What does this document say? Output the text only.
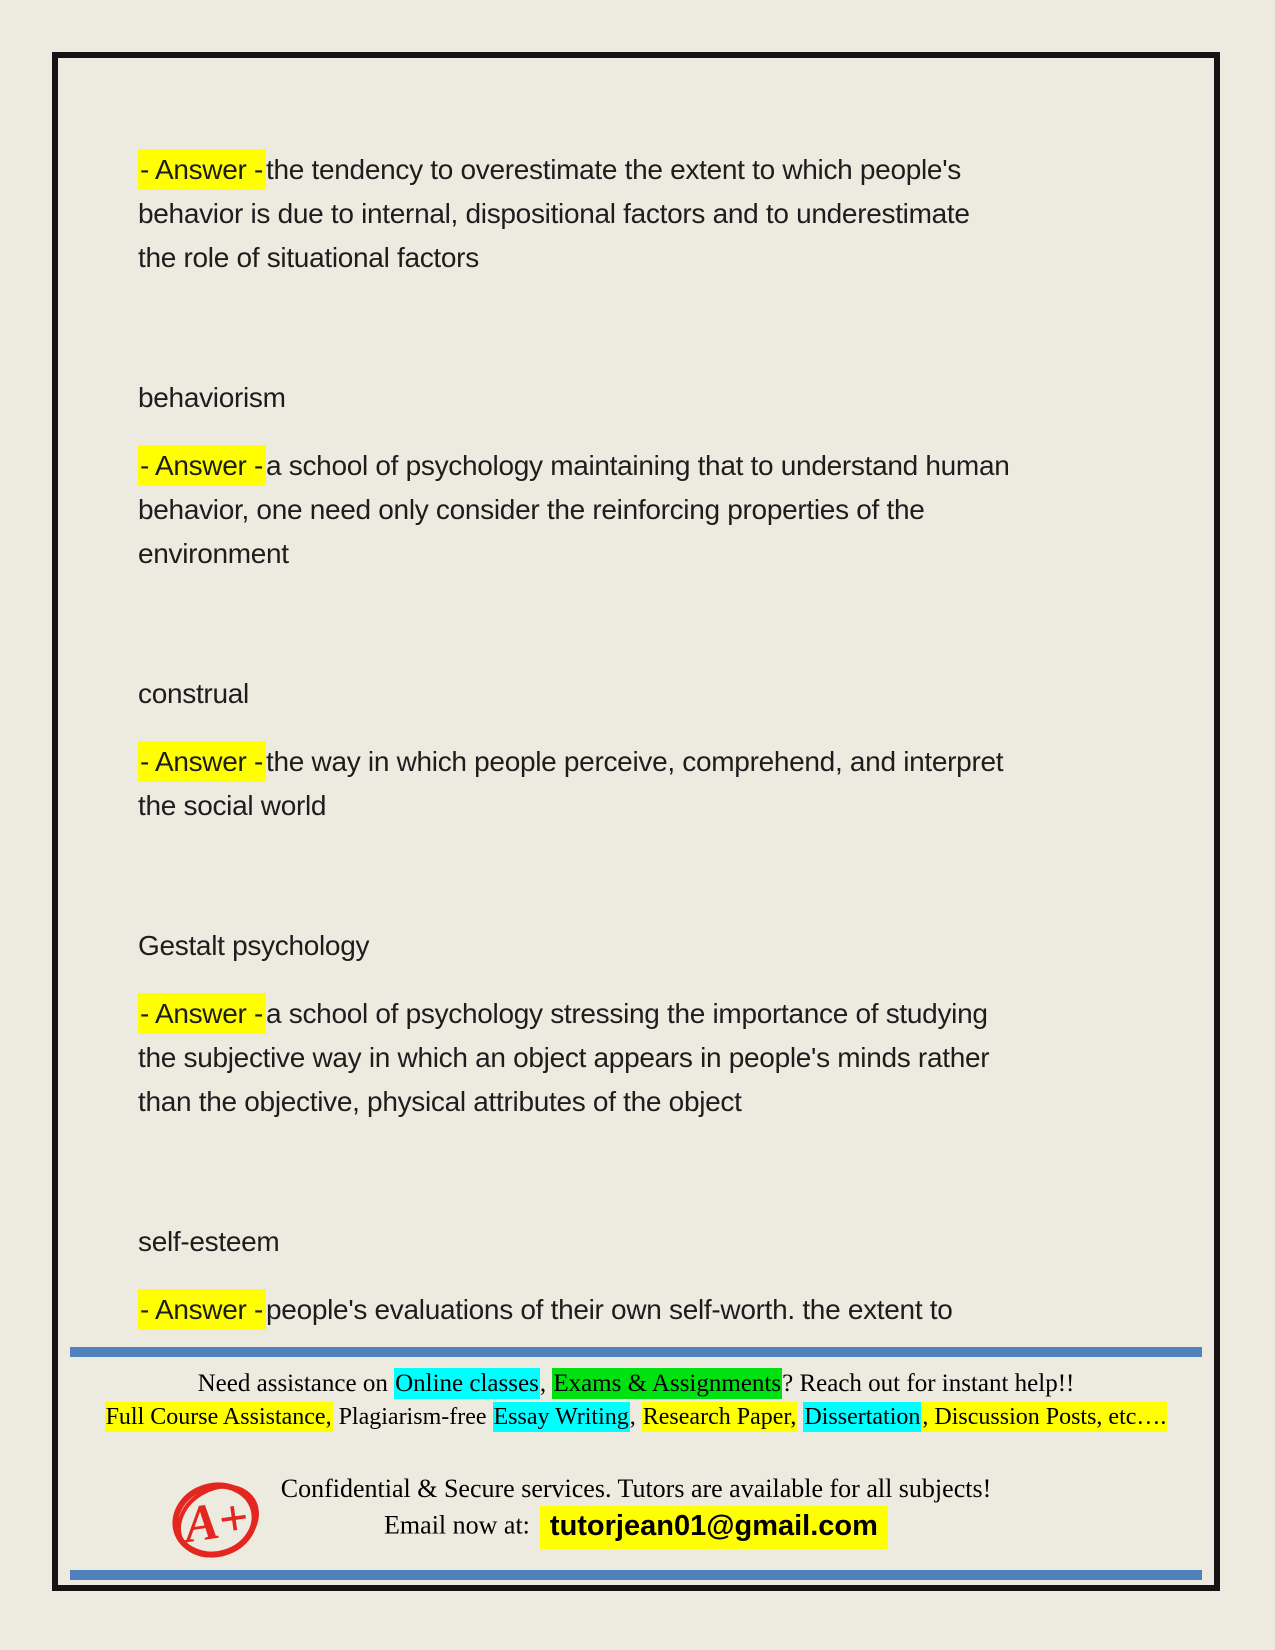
- Answer - the tendency to overestimate the extent to which people's
behavior is due to internal, dispositional factors and to underestimate
the role of situational factors
behaviorism
- Answer - a school of psychology maintaining that to understand human
behavior, one need only consider the reinforcing properties of the
environment
construal
- Answer - the way in which people perceive, comprehend, and interpret
the social world
Gestalt psychology
- Answer - a school of psychology stressing the importance of studying
the subjective way in which an object appears in people's minds rather
than the objective, physical attributes of the object
self-esteem
- Answer - people's evaluations of their own self-worth. the extent to
Need assistance on Online classes, Exams & Assignments? Reach out for instant help!!
Full Course Assistance, Plagiarism-free Essay Writing, Research Paper, Dissertation, Discussion Posts, etc….
A+
Confidential & Secure services. Tutors are available for all subjects!
Email now at: tutorjean01@gmail.com
